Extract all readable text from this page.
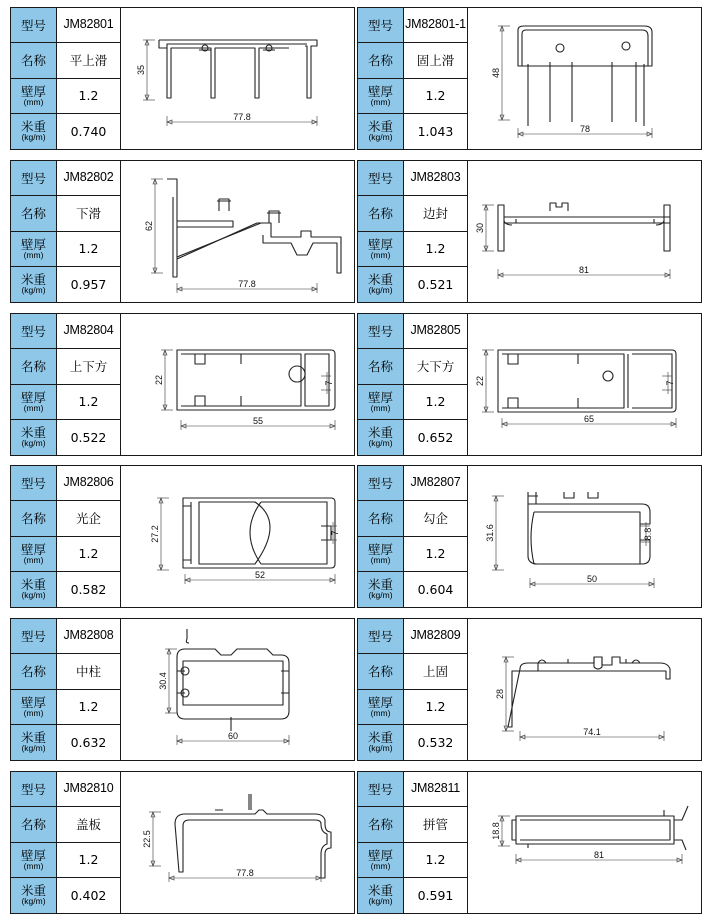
型号	JM82801
名称	平上滑
壁厚
(mm)	1.2
米重
(kg/m)	0.740
35
77.8
型号 JM82801-1
名称	固上滑
壁厚
(mm)	1.2
米重
(kg/m)	1.043
48
78
型号	JM82802
名称	下滑
壁厚
(mm)	1.2
米重
(kg/m)	0.957
62
77.8
型号	JM82803
名称	边封
壁厚
(mm)	1.2
米重
(kg/m)	0.521
30
81
型号	JM82804
名称	上下方
壁厚
(mm)	1.2
米重
(kg/m)	0.522
22
55
7
型号	JM82805
名称	大下方
壁厚
(mm)	1.2
米重
(kg/m)	0.652
22
65
7
型号	JM82806
名称	光企
壁厚
(mm)	1.2
米重
(kg/m)	0.582
27.2
52
7
型号	JM82807
名称	勾企
壁厚
(mm)	1.2
米重
(kg/m)	0.604
31.6
50
8.8
型号	JM82808
名称	中柱
壁厚
(mm)	1.2
米重
(kg/m)	0.632
30.4
60
型号	JM82809
名称	上固
壁厚
(mm)	1.2
米重
(kg/m)	0.532
28
74.1
型号	JM82810
名称	盖板
壁厚
(mm)	1.2
米重
(kg/m)	0.402
22.5
77.8
型号	JM82811
名称	拼管
壁厚
(mm)	1.2
米重
(kg/m)	0.591
18.8
81
